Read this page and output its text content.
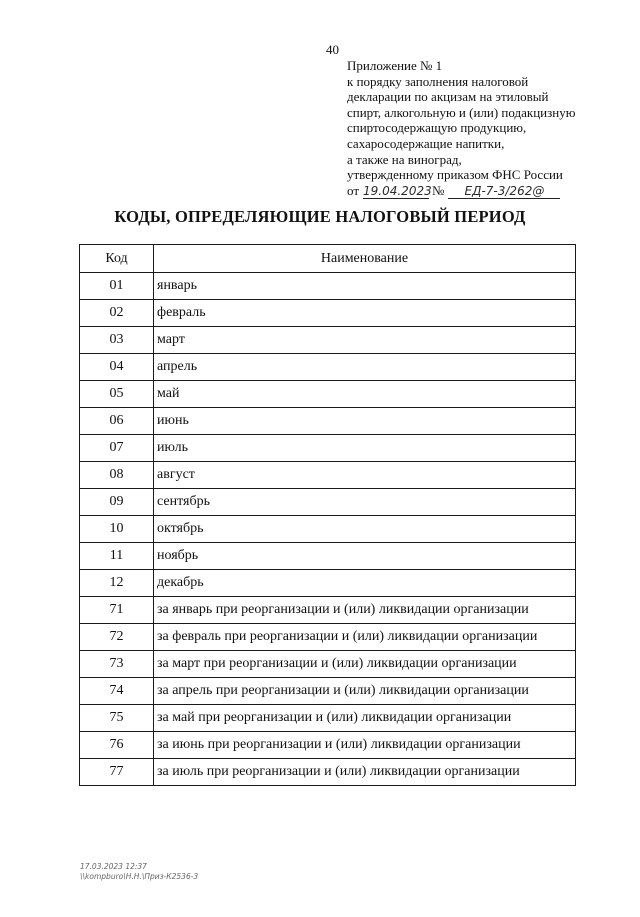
40
Приложение № 1
к порядку заполнения налоговой
декларации по акцизам на этиловый
спирт, алкогольную и (или) подакцизную
спиртосодержащую продукцию,
сахаросодержащие напитки,
а также на виноград,
утвержденному приказом ФНС России
от 19.04.2023№ ЕД-7-3/262@
КОДЫ, ОПРЕДЕЛЯЮЩИЕ НАЛОГОВЫЙ ПЕРИОД
Код	Наименование
01	январь
02	февраль
03	март
04	апрель
05	май
06	июнь
07	июль
08	август
09	сентябрь
10	октябрь
11	ноябрь
12	декабрь
71	за январь при реорганизации и (или) ликвидации организации
72	за февраль при реорганизации и (или) ликвидации организации
73	за март при реорганизации и (или) ликвидации организации
74	за апрель при реорганизации и (или) ликвидации организации
75	за май при реорганизации и (или) ликвидации организации
76	за июнь при реорганизации и (или) ликвидации организации
77	за июль при реорганизации и (или) ликвидации организации
17.03.2023 12:37
\\kompburo\Н.Н.\Приз-К2536-3
